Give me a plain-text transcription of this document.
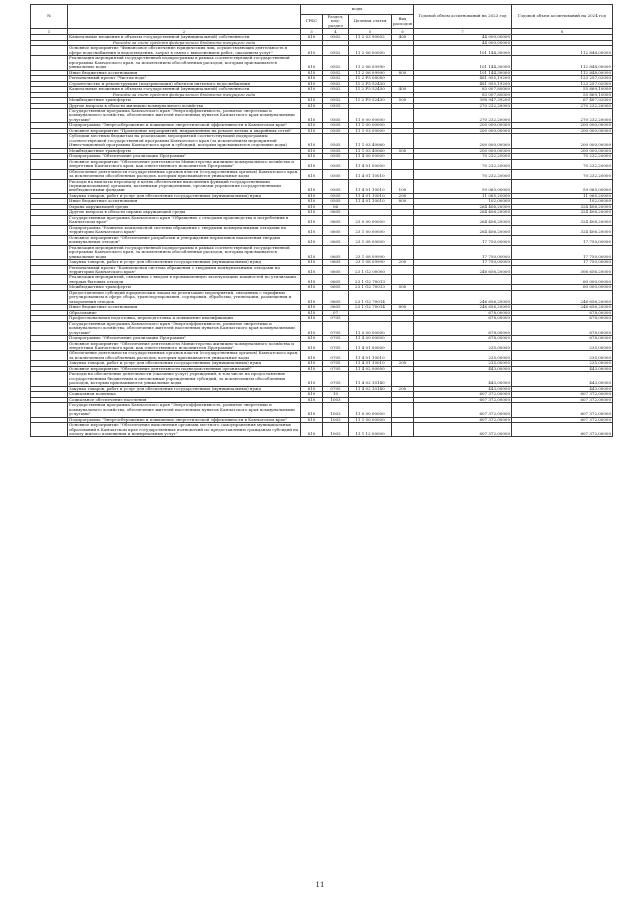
№		коды				Годовой объем ассигнований на 2023 год	Годовой объем ассигнований на 2024 год
		ГРБС	Раздел, под-раздел	Целевая статья	Вид расходов		
1	2	3	4	5	6	7	8
	Капитальные вложения в объекты государственной (муниципальной) собственности	810	0502	11 2 03 90002	400	44 000,00000	
	Расходы за счет средств федерального бюджета текущего года					44 000,00000	
	Основное мероприятие "Финансовое обеспечение юридических лиц, осуществляющих деятельность в сфере водоснабжения и водоотведения, затрат в связи с выполнением работ, оказанием услуг"	810	0502	11 2 06 00000		101 144,30000	112 848,00000
	Реализация мероприятий государственной подпрограммы в рамках соответствующей государственной программы Камчатского края, за исключением обособленных расходов, которым присваиваются уникальные коды	810	0502	11 2 06 09990		101 144,30000	112 848,00000
	Иные бюджетные ассигнования	810	0502	11 2 06 09990	800	101 144,30000	112 848,00000
	Региональный проект "Чистая вода"	810	0502	11 2 F5 00000		481 955,19200	123 257,02000
	Строительство и реконструкция (модернизация) объектов питьевого водоснабжения	810	0502	11 2 F5 52430		481 955,19200	123 257,02000
	Капитальные вложения в объекты государственной (муниципальной) собственности	810	0502	11 2 F5 52430	400	83 007,80000	55 869,10000
	Расходы за счет средств федерального бюджета текущего года					83 007,80000	55 869,10000
	Межбюджетные трансферты	810	0502	11 2 F5 52430	500	398 947,39200	67 487,92000
	Другие вопросы в области жилищно-коммунального хозяйства	810	0505			270 232,20000	270 232,20000
	Государственная программа Камчатского края "Энергоэффективность, развитие энергетики и коммунального хозяйства, обеспечение жителей населенных пунктов Камчатского края коммунальными услугами"	810	0505	11 0 00 00000		270 232,20000	270 232,20000
	Подпрограмма "Энергосбережение и повышение энергетической эффективности в Камчатском крае"	810	0505	11 1 00 00000		200 000,00000	200 000,00000
	Основное мероприятие "Проведение мероприятий, направленных на ремонт ветхих и аварийных сетей"	810	0505	11 1 03 00000		200 000,00000	200 000,00000
	Субсидии местным бюджетам на реализацию мероприятий соответствующей подпрограммы соответствующей государственной программы Камчатского края (за исключением мероприятий Инвестиционной программы Камчатского края и субсидий, которым присваиваются отдельные коды)	810	0505	11 1 03 40060		200 000,00000	200 000,00000
	Межбюджетные трансферты	810	0505	11 1 03 40060	500	200 000,00000	200 000,00000
	Подпрограмма "Обеспечение реализации Программы"	810	0505	11 4 00 00000		70 232,20000	70 232,20000
	Основное мероприятие "Обеспечение деятельности Министерства жилищно-коммунального хозяйства и энергетики Камчатского края, как ответственного исполнителя Программы"	810	0505	11 4 01 00000		70 232,20000	70 232,20000
	Обеспечение деятельности государственных органов власти (государственных органов) Камчатского края, за исключением обособленных расходов, которым присваиваются уникальные коды	810	0505	11 4 01 10010		70 232,20000	70 232,20000
	Расходы на выплаты персоналу в целях обеспечения выполнения функций государственными (муниципальными) органами, казенными учреждениями, органами управления государственными внебюджетными фондами	810	0505	11 4 01 10010	100	59 065,00000	59 065,00000
	Закупка товаров, работ и услуг для обеспечения государственных (муниципальных) нужд	810	0505	11 4 01 10010	200	11 065,20000	11 065,20000
	Иные бюджетные ассигнования	810	0505	11 4 01 10010	800	102,00000	102,00000
	Охрана окружающей среды	810	06			264 406,20000	324 406,20000
	Другие вопросы в области охраны окружающей среды	810	0605			264 406,20000	324 406,20000
	Государственная программа Камчатского края "Обращение с отходами производства и потребления в Камчатском крае"	810	0605	23 0 00 00000		264 406,20000	324 406,20000
	Подпрограмма "Развитие комплексной системы обращения с твердыми коммунальными отходами на территории Камчатского края"	810	0605	23 1 00 00000		264 406,20000	324 406,20000
	Основное мероприятие "Обеспечение разработки и утверждения нормативов накопления твердых коммунальных отходов"	810	0605	23 1 08 00000		17 750,00000	17 750,00000
	Реализация мероприятий государственной подпрограммы в рамках соответствующей государственной программы Камчатского края, за исключением обособленных расходов, которым присваиваются уникальные коды	810	0605	23 1 08 09990		17 750,00000	17 750,00000
	Закупка товаров, работ и услуг для обеспечения государственных (муниципальных) нужд	810	0605	23 1 08 09990	200	17 750,00000	17 750,00000
	Региональный проект "Комплексная система обращения с твердыми коммунальными отходами на территории Камчатского края"	810	0605	23 1 G2 00000		246 656,20000	306 656,20000
	Реализация мероприятий, связанных с вводом в промышленную эксплуатацию мощностей по утилизации твердых бытовых отходов	810	0605	23 1 G2 70013			60 000,00000
	Межбюджетные трансферты	810	0605	23 1 G2 70013	500		60 000,00000
	Предоставление субсидий юридическим лицам на реализацию мероприятий, связанных с тарифным регулированием в сфере сбора, транспортирования, сортировки, обработки, утилизации, размещения и захоронения отходов	810	0605	23 1 G2 70014		246 656,20000	246 656,20000
	Иные бюджетные ассигнования	810	0605	23 1 G2 70014	800	246 656,20000	246 656,20000
	Образование	810	07			678,00000	678,00000
	Профессиональная подготовка, переподготовка и повышение квалификации	810	0705			678,00000	678,00000
	Государственная программа Камчатского края "Энергоэффективность, развитие энергетики и коммунального хозяйства, обеспечение жителей населенных пунктов Камчатского края коммунальными услугами"	810	0705	11 0 00 00000		678,00000	678,00000
	Подпрограмма "Обеспечение реализации Программы"	810	0705	11 4 00 00000		678,00000	678,00000
	Основное мероприятие "Обеспечение деятельности Министерства жилищно-коммунального хозяйства и энергетики Камчатского края, как ответственного исполнителя Программы"	810	0705	11 4 01 00000		235,00000	235,00000
	Обеспечение деятельности государственных органов власти (государственных органов) Камчатского края, за исключением обособленных расходов, которым присваиваются уникальные коды	810	0705	11 4 01 10010		235,00000	235,00000
	Закупка товаров, работ и услуг для обеспечения государственных (муниципальных) нужд	810	0705	11 4 01 10010	200	235,00000	235,00000
	Основное мероприятие "Обеспечение деятельности подведомственных организаций"	810	0705	11 4 02 00000		443,00000	443,00000
	Расходы на обеспечение деятельности (оказание услуг) учреждений, в том числе на предоставление государственным бюджетным и автономным учреждениям субсидий, за исключением обособленных расходов, которым присваиваются уникальные коды	810	0705	11 4 02 10140		443,00000	443,00000
	Закупка товаров, работ и услуг для обеспечения государственных (муниципальных) нужд	810	0705	11 4 02 10140	200	443,00000	443,00000
	Социальная политика	810	10			607 372,00000	607 372,00000
	Социальное обеспечение населения	810	1003			607 372,00000	607 372,00000
	Государственная программа Камчатского края "Энергоэффективность, развитие энергетики и коммунального хозяйства, обеспечение жителей населенных пунктов Камчатского края коммунальными услугами"	810	1003	11 0 00 00000		607 372,00000	607 372,00000
	Подпрограмма "Энергосбережение и повышение энергетической эффективности в Камчатском крае"	810	1003	11 1 00 00000		607 372,00000	607 372,00000
	Основное мероприятие "Обеспечение выполнения органами местного самоуправления муниципальных образований в Камчатском крае государственных полномочий по предоставлению гражданам субсидий на оплату жилого помещения и коммунальных услуг"	810	1003	11 1 12 00000		607 372,00000	607 372,00000
11
